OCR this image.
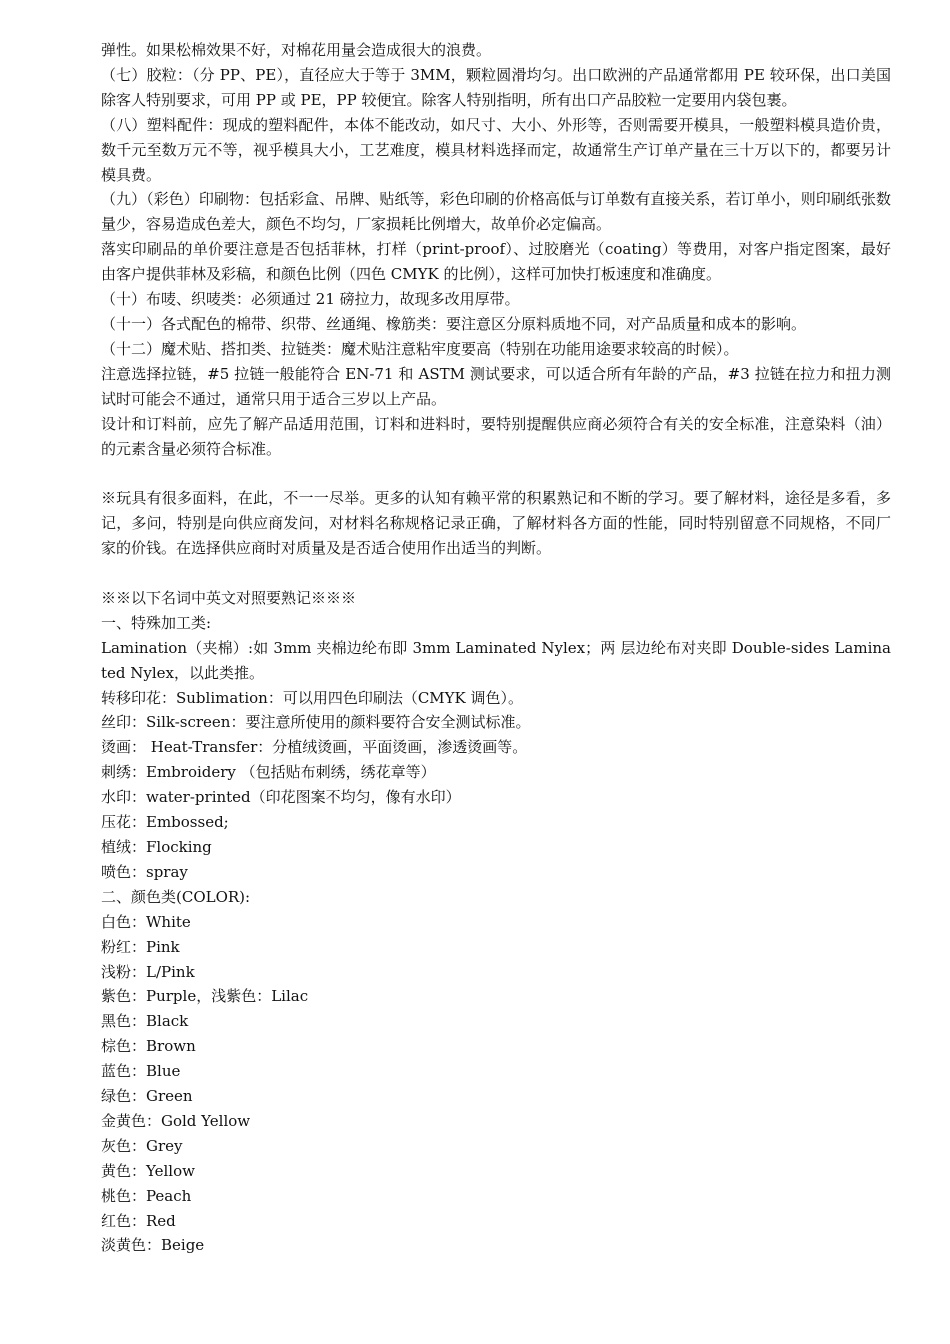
弹性。如果松棉效果不好，对棉花用量会造成很大的浪费。

（七）胶粒：（分 PP、PE），直径应大于等于 3MM，颗粒圆滑均匀。出口欧洲的产品通常都用 PE 较环保，出口美国除客人特别要求，可用 PP 或 PE，PP 较便宜。除客人特别指明，所有出口产品胶粒一定要用内袋包裹。

（八）塑料配件：现成的塑料配件，本体不能改动，如尺寸、大小、外形等，否则需要开模具，一般塑料模具造价贵，数千元至数万元不等，视乎模具大小，工艺难度，模具材料选择而定，故通常生产订单产量在三十万以下的，都要另计模具费。

（九）（彩色）印刷物：包括彩盒、吊牌、贴纸等，彩色印刷的价格高低与订单数有直接关系，若订单小，则印刷纸张数量少，容易造成色差大，颜色不均匀，厂家损耗比例增大，故单价必定偏高。

落实印刷品的单价要注意是否包括菲林，打样（print-proof）、过胶磨光（coating）等费用，对客户指定图案，最好由客户提供菲林及彩稿，和颜色比例（四色 CMYK 的比例），这样可加快打板速度和准确度。

（十）布唛、织唛类：必须通过 21 磅拉力，故现多改用厚带。

（十一）各式配色的棉带、织带、丝通绳、橡筋类：要注意区分原料质地不同，对产品质量和成本的影响。

（十二）魔术贴、搭扣类、拉链类：魔术贴注意粘牢度要高（特别在功能用途要求较高的时候）。

注意选择拉链，#5 拉链一般能符合 EN-71 和 ASTM 测试要求，可以适合所有年龄的产品，#3 拉链在拉力和扭力测试时可能会不通过，通常只用于适合三岁以上产品。

设计和订料前，应先了解产品适用范围，订料和进料时，要特别提醒供应商必须符合有关的安全标准，注意染料（油）的元素含量必须符合标准。

※玩具有很多面料，在此，不一一尽举。更多的认知有赖平常的积累熟记和不断的学习。要了解材料，途径是多看，多记，多问，特别是向供应商发问，对材料名称规格记录正确，了解材料各方面的性能，同时特别留意不同规格，不同厂家的价钱。在选择供应商时对质量及是否适合使用作出适当的判断。

※※以下名词中英文对照要熟记※※※

一、特殊加工类:

Lamination（夹棉）:如 3mm 夹棉边纶布即 3mm Laminated Nylex；两 层边纶布对夹即 Double-sides Laminated Nylex，以此类推。

转移印花：Sublimation：可以用四色印刷法（CMYK 调色）。

丝印：Silk-screen：要注意所使用的颜料要符合安全测试标准。

烫画： Heat-Transfer：分植绒烫画，平面烫画，渗透烫画等。

刺绣：Embroidery （包括贴布刺绣，绣花章等）

水印：water-printed（印花图案不均匀，像有水印）

压花：Embossed;

植绒：Flocking

喷色：spray

二、颜色类(COLOR):

白色：White

粉红：Pink

浅粉：L/Pink

紫色：Purple，浅紫色：Lilac

黑色：Black

棕色：Brown

蓝色：Blue

绿色：Green

金黄色：Gold Yellow

灰色：Grey

黄色：Yellow

桃色：Peach

红色：Red

淡黄色：Beige
